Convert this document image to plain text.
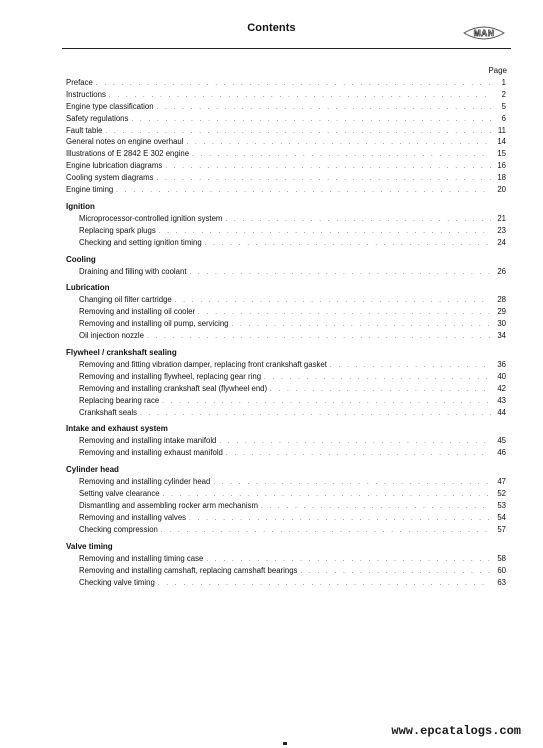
Contents	MAN
Page
Preface . . .	1
Instructions . . .	2
Engine type classification . . .	5
Safety regulations . . .	6
Fault table . . .	11
General notes on engine overhaul . . .	14
Illustrations of E 2842 E 302 engine . . .	15
Engine lubrication diagrams . . .	16
Cooling system diagrams . . .	18
Engine timing . . .	20
Ignition
Microprocessor-controlled ignition system . . .	21
Replacing spark plugs . . .	23
Checking and setting ignition timing . . .	24
Cooling
Draining and filling with coolant . . .	26
Lubrication
Changing oil filter cartridge . . .	28
Removing and installing oil cooler . . .	29
Removing and installing oil pump, servicing . . .	30
Oil injection nozzle . . .	34
Flywheel / crankshaft sealing
Removing and fitting vibration damper, replacing front crankshaft gasket . . .	36
Removing and installing flywheel, replacing gear ring . . .	40
Removing and installing crankshaft seal (flywheel end) . . .	42
Replacing bearing race . . .	43
Crankshaft seals . . .	44
Intake and exhaust system
Removing and installing intake manifold . . .	45
Removing and installing exhaust manifold . . .	46
Cylinder head
Removing and installing cylinder head . . .	47
Setting valve clearance . . .	52
Dismantling and assembling rocker arm mechanism . . .	53
Removing and installing valves . . .	54
Checking compression . . .	57
Valve timing
Removing and installing timing case . . .	58
Removing and installing camshaft, replacing camshaft bearings . . .	60
Checking valve timing . . .	63
www.epcatalogs.com
